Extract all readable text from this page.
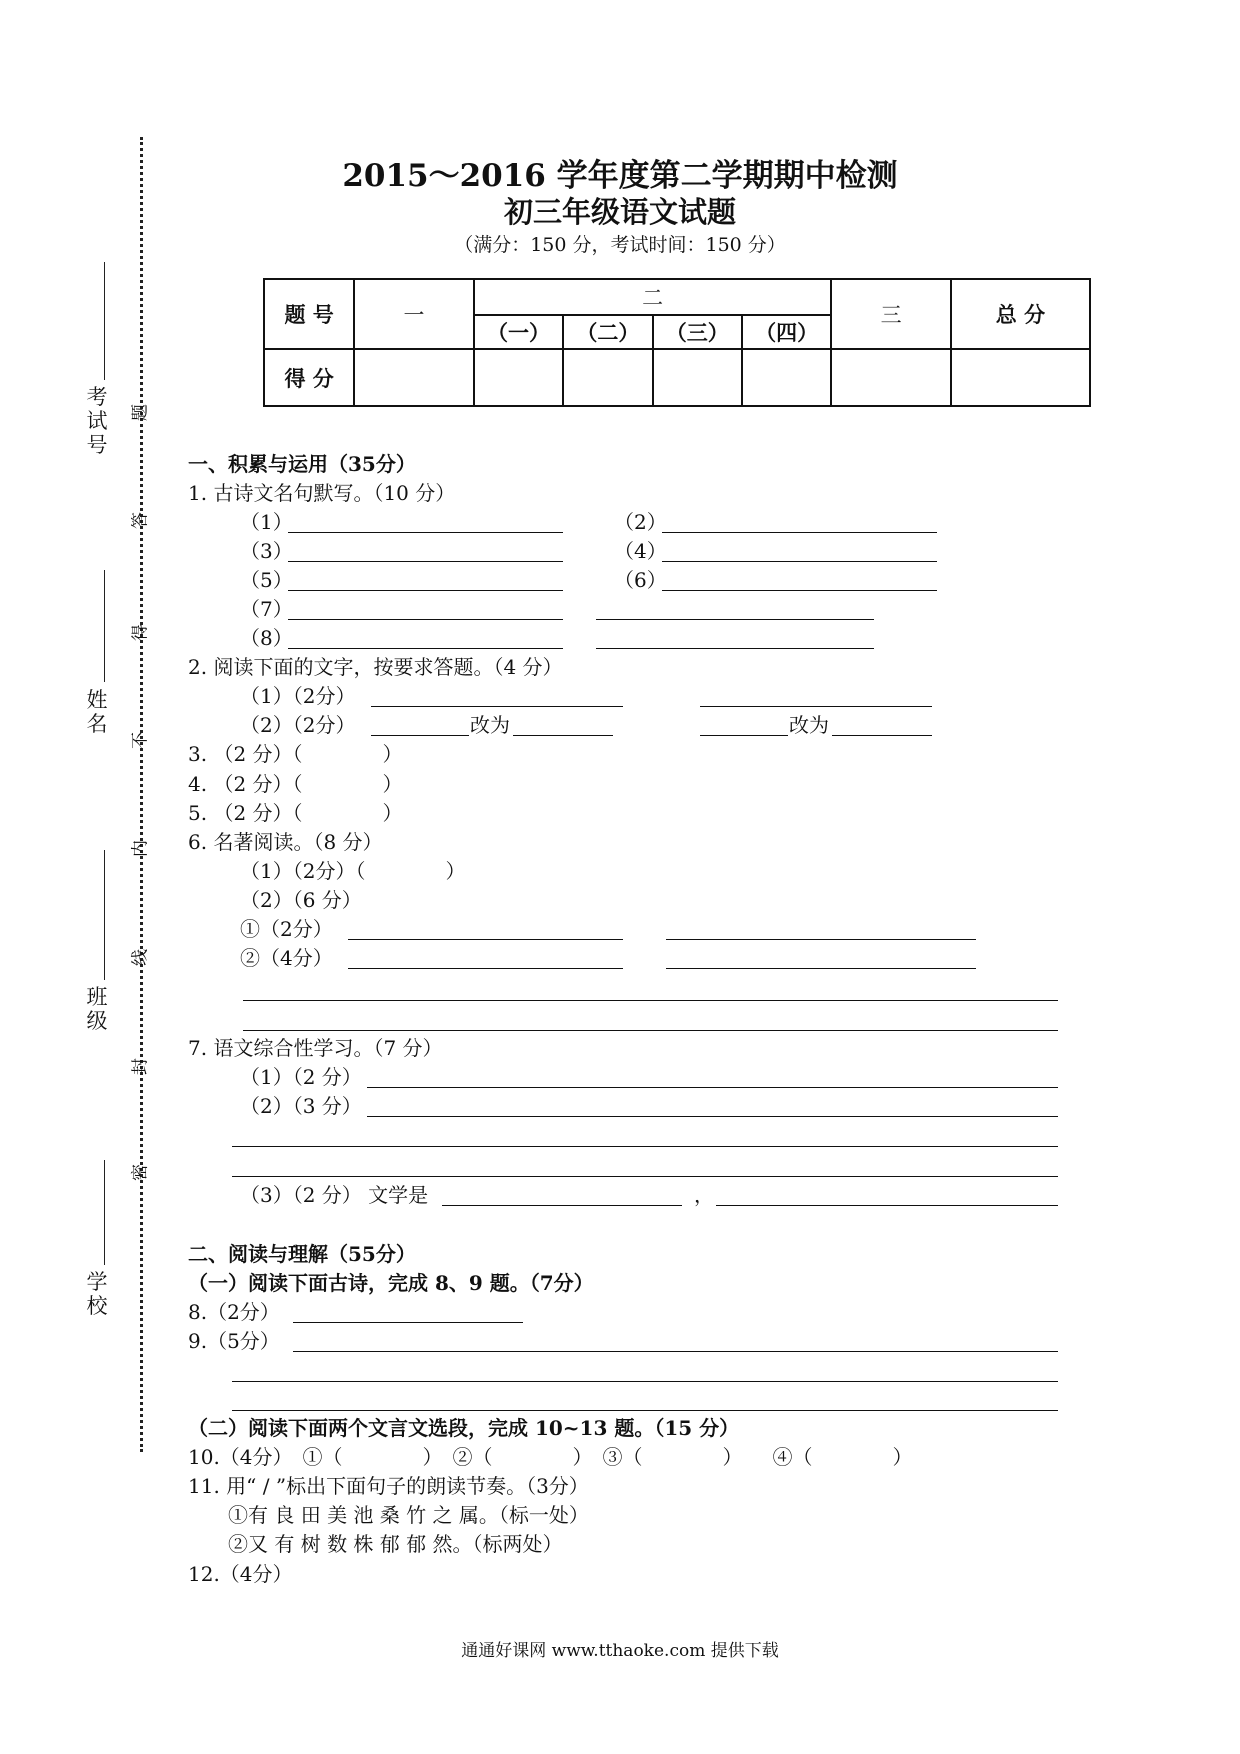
考试号
姓名
班级
学校
题
答
得
不
内
线
封
密
2015～2016 学年度第二学期期中检测
初三年级语文试题
（满分：150 分，考试时间：150 分）
题 号	一	二				三	总 分
		（一）	（二）	（三）	（四）		
得 分							
一、积累与运用（35分）
1. 古诗文名句默写。（10 分）
（1）	（2）
（3）	（4）
（5）	（6）
（7）
（8）
2. 阅读下面的文字，按要求答题。（4 分）
（1）（2分）
（2）（2分）	改为	改为
3. （2 分）（　　　　）
4. （2 分）（　　　　）
5. （2 分）（　　　　）
6. 名著阅读。（8 分）
（1）（2分）（　　　　）
（2）（6 分）
①（2分）
②（4分）
7. 语文综合性学习。（7 分）
（1）（2 分）
（2）（3 分）
（3）（2 分） 文学是	，
二、阅读与理解（55分）
（一）阅读下面古诗，完成 8、9 题。（7分）
8.（2分）
9.（5分）
（二）阅读下面两个文言文选段，完成 10~13 题。（15 分）
10.（4分）　①（　　　　）　②（　　　　）　③（　　　　）　　④（　　　　）
11. 用“ / ”标出下面句子的朗读节奏。（3分）
①有 良 田 美 池 桑 竹 之 属。（标一处）
②又 有 树 数 株 郁 郁 然。（标两处）
12.（4分）
通通好课网 www.tthaoke.com 提供下载
